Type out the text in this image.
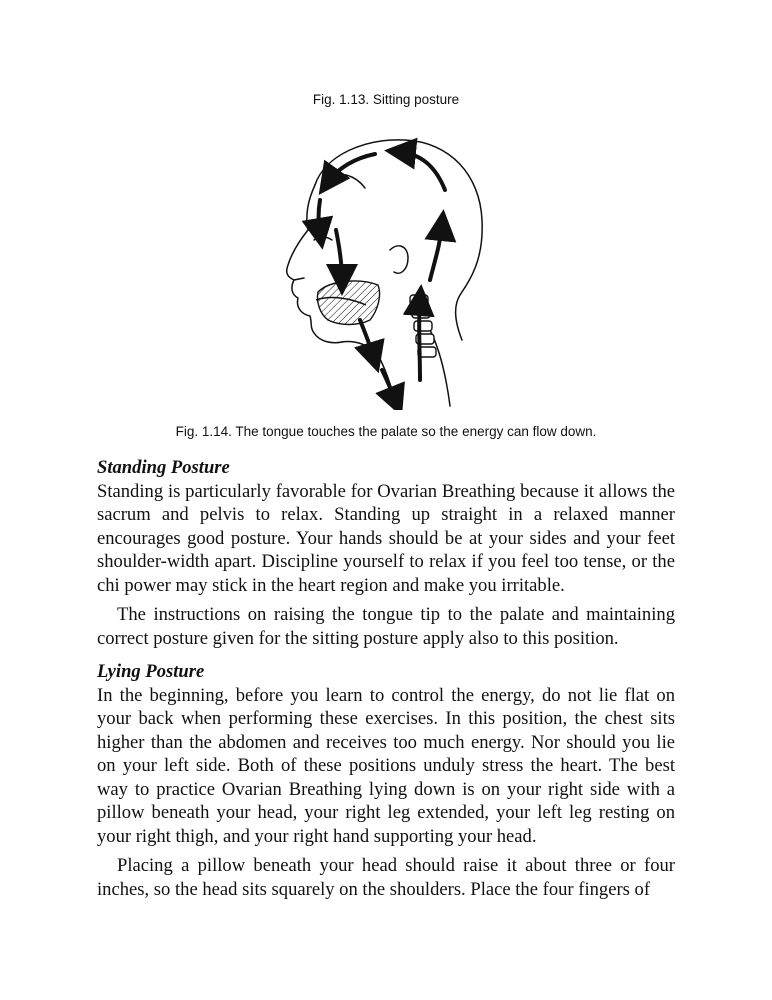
Fig. 1.13. Sitting posture
Fig. 1.14. The tongue touches the palate so the energy can flow down.

Standing Posture

Standing is particularly favorable for Ovarian Breathing because it allows the sacrum and pelvis to relax. Standing up straight in a relaxed manner encourages good posture. Your hands should be at your sides and your feet shoulder-width apart. Discipline yourself to relax if you feel too tense, or the chi power may stick in the heart region and make you irritable.

The instructions on raising the tongue tip to the palate and maintaining correct posture given for the sitting posture apply also to this position.

Lying Posture

In the beginning, before you learn to control the energy, do not lie flat on your back when performing these exercises. In this position, the chest sits higher than the abdomen and receives too much energy. Nor should you lie on your left side. Both of these positions unduly stress the heart. The best way to practice Ovarian Breathing lying down is on your right side with a pillow beneath your head, your right leg extended, your left leg resting on your right thigh, and your right hand supporting your head.

Placing a pillow beneath your head should raise it about three or four inches, so the head sits squarely on the shoulders. Place the four fingers of
